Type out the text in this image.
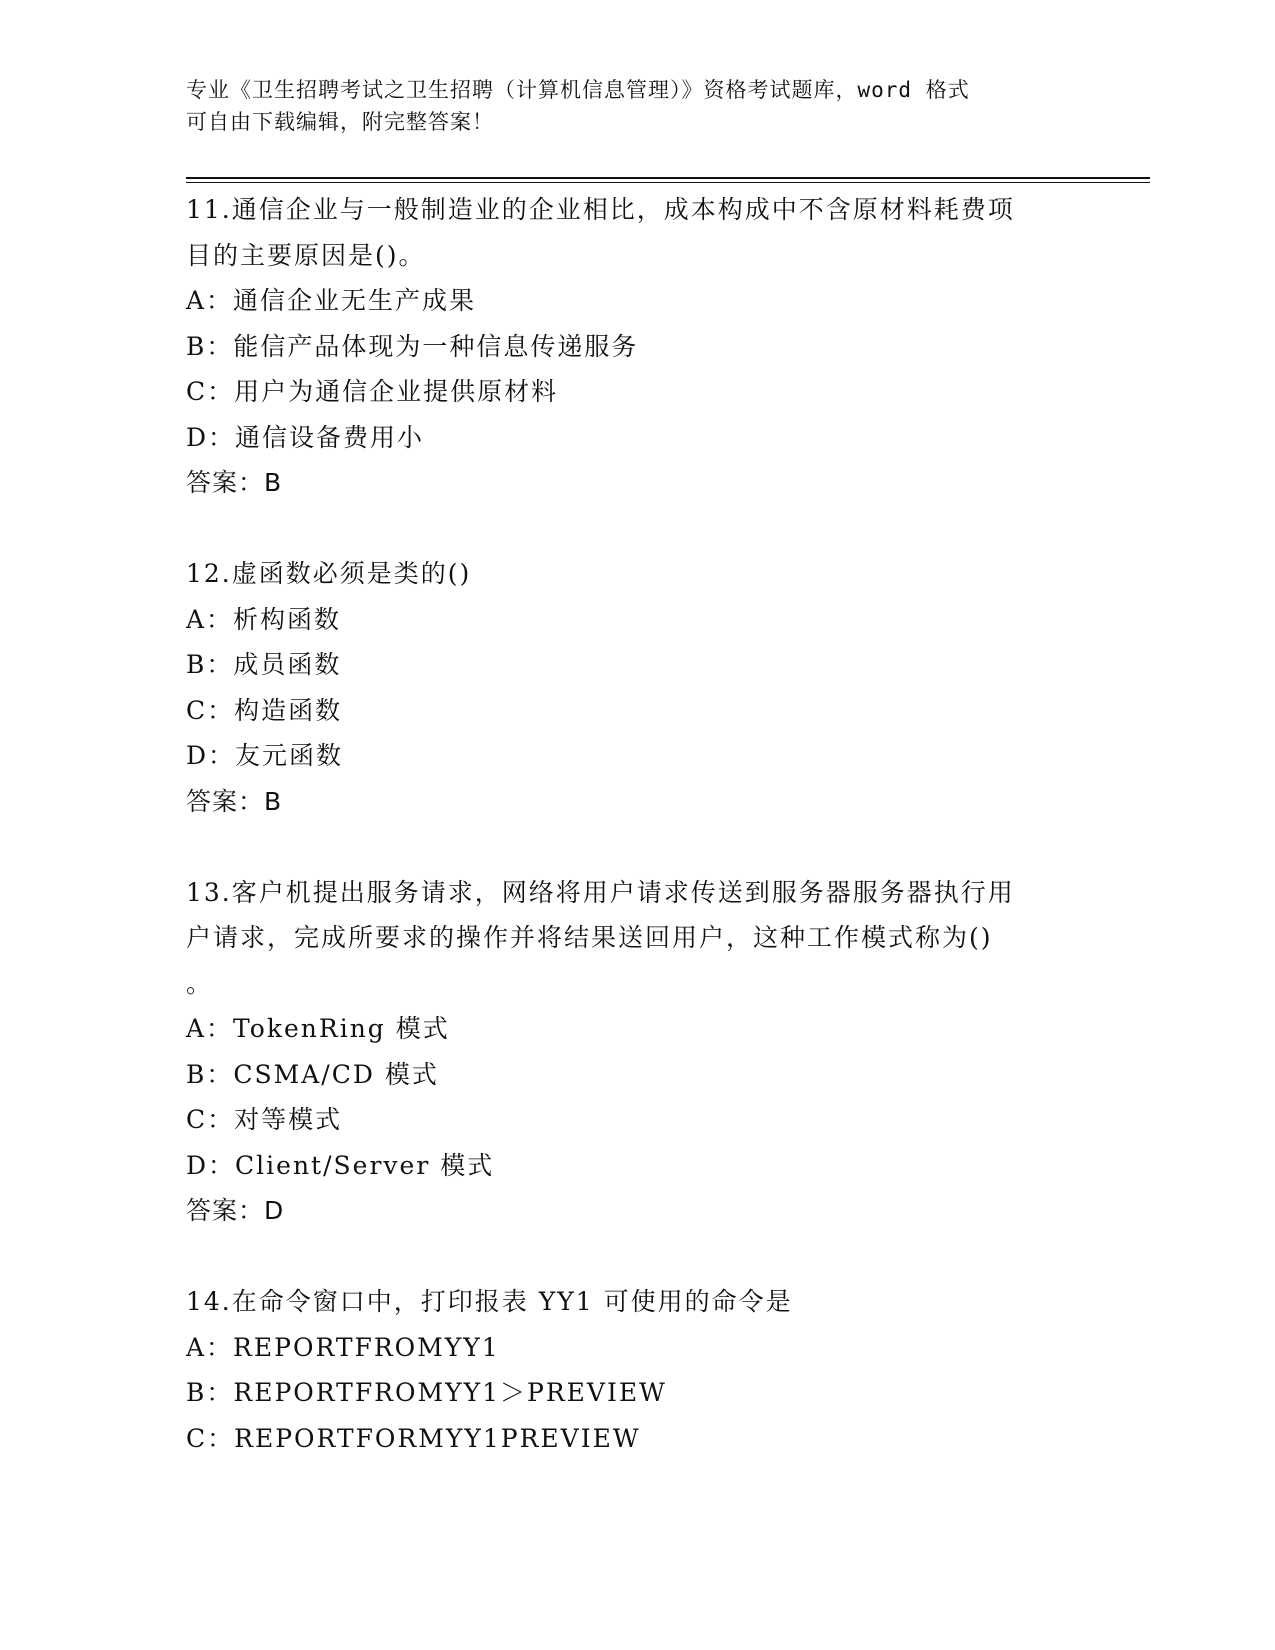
专业《卫生招聘考试之卫生招聘（计算机信息管理）》资格考试题库，word 格式
可自由下载编辑，附完整答案！
11.通信企业与一般制造业的企业相比，成本构成中不含原材料耗费项
目的主要原因是()。
A：通信企业无生产成果
B：能信产品体现为一种信息传递服务
C：用户为通信企业提供原材料
D：通信设备费用小
答案：B
12.虚函数必须是类的()
A：析构函数
B：成员函数
C：构造函数
D：友元函数
答案：B
13.客户机提出服务请求，网络将用户请求传送到服务器服务器执行用
户请求，完成所要求的操作并将结果送回用户，这种工作模式称为()
。
A：TokenRing 模式
B：CSMA/CD 模式
C：对等模式
D：Client/Server 模式
答案：D
14.在命令窗口中，打印报表 YY1 可使用的命令是
A：REPORTFROMYY1
B：REPORTFROMYY1＞PREVIEW
C：REPORTFORMYY1PREVIEW
